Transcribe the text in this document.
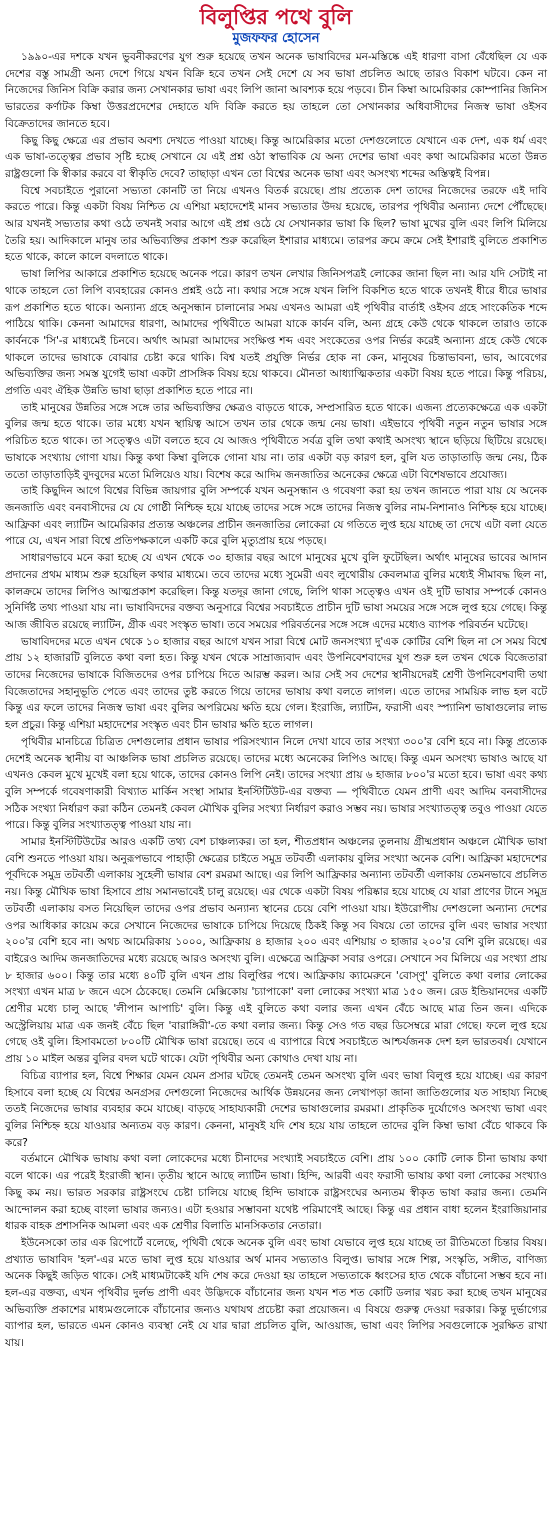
বিলুপ্তির পথে বুলি
মুজফফর হোসেন

১৯৯০-এর দশকে যখন ভুবনীকরণের যুগ শুরু হয়েছে তখন অনেক ভাষাবিদের মন-মস্তিষ্কে এই ধারণা বাসা বেঁধেছিল যে এক দেশের বস্তু সামগ্রী অন্য দেশে গিয়ে যখন বিক্রি হবে তখন সেই দেশে যে সব ভাষা প্রচলিত আছে তারও বিকাশ ঘটবে। কেন না নিজেদের জিনিস বিক্রি করার জন্য সেখানকার ভাষা এবং লিপি জানা আবশ্যক হয়ে পড়বে। চীন কিম্বা আমেরিকার কোম্পানির জিনিস ভারতের কর্ণাটক কিম্বা উত্তরপ্রদেশের দেহাতে যদি বিক্রি করতে হয় তাহলে তো সেখানকার অধিবাসীদের নিজস্ব ভাষা ওইসব বিক্রেতাদের জানতে হবে।

কিছু কিছু ক্ষেত্রে এর প্রভাব অবশ্য দেখতে পাওয়া যাচ্ছে। কিন্তু আমেরিকার মতো দেশগুলোতে যেখানে এক দেশ, এক ধর্ম এবং এক ভাষা-তত্ত্বের প্রভাব সৃষ্টি হচ্ছে সেখানে যে এই প্রশ্ন ওঠা স্বাভাবিক যে অন্য দেশের ভাষা এবং কথা আমেরিকার মতো উন্নত রাষ্ট্রগুলো কি স্বীকার করবে বা স্বীকৃতি দেবে? তাছাড়া এখন তো বিশ্বের অনেক ভাষা এবং অসংখ্য শব্দের অস্তিত্বই বিপন্ন।

বিশ্বে সবচাইতে পুরানো সভ্যতা কোনটি তা নিয়ে এখনও বিতর্ক রয়েছে। প্রায় প্রত্যেক দেশ তাদের নিজেদের তরফে এই দাবি করতে পারে। কিন্তু একটা বিষয় নিশ্চিত যে এশিয়া মহাদেশেই মানব সভ্যতার উদয় হয়েছে, তারপর পৃথিবীর অন্যান্য দেশে পৌঁছেছে। আর যখনই সভ্যতার কথা ওঠে তখনই সবার আগে এই প্রশ্ন ওঠে যে সেখানকার ভাষা কি ছিল? ভাষা মুখের বুলি এবং লিপি মিলিয়ে তৈরি হয়। আদিকালে মানুষ তার অভিব্যক্তির প্রকাশ শুরু করেছিল ইশারার মাধ্যমে। তারপর ক্রমে ক্রমে সেই ইশারাই বুলিতে প্রকাশিত হতে থাকে, কালে কালে বদলাতে থাকে।

ভাষা লিপির আকারে প্রকাশিত হয়েছে অনেক পরে। কারণ তখন লেখার জিনিসপত্রই লোকের জানা ছিল না। আর যদি সেটাই না থাকে তাহলে তো লিপি ব্যবহারের কোনও প্রশ্নই ওঠে না। কথার সঙ্গে সঙ্গে যখন লিপি বিকশিত হতে থাকে তখনই ধীরে ধীরে ভাষার রূপ প্রকাশিত হতে থাকে। অন্যান্য গ্রহে অনুসন্ধান চালানোর সময় এখনও আমরা এই পৃথিবীর বার্তাই ওইসব গ্রহে সাংকেতিক শব্দে পাঠিয়ে থাকি। কেননা আমাদের ধারণা, আমাদের পৃথিবীতে আমরা যাকে কার্বন বলি, অন্য গ্রহে কেউ থেকে থাকলে তারাও তাকে কার্বনকে 'সি'-র মাধ্যমেই চিনবে। অর্থাৎ আমরা আমাদের সংক্ষিপ্ত শব্দ এবং সংকেতের ওপর নির্ভর করেই অন্যান্য গ্রহে কেউ থেকে থাকলে তাদের ভাষাকে বোঝার চেষ্টা করে থাকি। বিশ্ব যতই প্রযুক্তি নির্ভর হোক না কেন, মানুষের চিন্তাভাবনা, ভাব, আবেগের অভিব্যক্তির জন্য সমস্ত যুগেই ভাষা একটা প্রাসঙ্গিক বিষয় হয়ে থাকবে। মৌনতা আধ্যাত্মিকতার একটা বিষয় হতে পারে। কিন্তু পরিচয়, প্রগতি এবং ঐহিক উন্নতি ভাষা ছাড়া প্রকাশিত হতে পারে না।

তাই মানুষের উন্নতির সঙ্গে সঙ্গে তার অভিব্যক্তির ক্ষেত্রও বাড়তে থাকে, সম্প্রসারিত হতে থাকে। এজন্য প্রত্যেকক্ষেত্রে এক একটা বুলির জন্ম হতে থাকে। তার মধ্যে যখন স্থায়িত্ব আসে তখন তার থেকে জন্ম নেয় ভাষা। এইভাবে পৃথিবী নতুন নতুন ভাষার সঙ্গে পরিচিত হতে থাকে। তা সত্ত্বেও এটা বলতে হবে যে আজও পৃথিবীতে সর্বত্র বুলি তথা কথাই অসংখ্য স্থানে ছড়িয়ে ছিটিয়ে রয়েছে। ভাষাকে সংখ্যায় গোণা যায়। কিন্তু কথা কিম্বা বুলিকে গোনা যায় না। তার একটা বড় কারণ হল, বুলি যত তাড়াতাড়ি জন্ম নেয়, ঠিক ততো তাড়াতাড়িই বুদবুদের মতো মিলিয়েও যায়। বিশেষ করে আদিম জনজাতির অনেকের ক্ষেত্রে এটা বিশেষভাবে প্রযোজ্য।

তাই কিছুদিন আগে বিশ্বের বিভিন্ন জায়গার বুলি সম্পর্কে যখন অনুসন্ধান ও গবেষণা করা হয় তখন জানতে পারা যায় যে অনেক জনজাতি এবং বনবাসীদের যে যে গোষ্ঠী নিশ্চিহ্ন হয়ে যাচ্ছে তাদের সঙ্গে সঙ্গে তাদের নিজস্ব বুলির নাম-নিশানাও নিশ্চিহ্ন হয়ে যাচ্ছে। আফ্রিকা এবং ল্যাটিন আমেরিকার প্রত্যন্ত অঞ্চলের প্রাচীন জনজাতির লোকেরা যে গতিতে লুপ্ত হয়ে যাচ্ছে তা দেখে এটা বলা যেতে পারে যে, এখন সারা বিশ্বে প্রতিপক্ষকালে একটি করে বুলি মৃত্যুপ্রায় হয়ে পড়ছে।

সাধারণভাবে মনে করা হচ্ছে যে এখন থেকে ৩০ হাজার বছর আগে মানুষের মুখে বুলি ফুটেছিল। অর্থাৎ মানুষের ভাবের আদান প্রদানের প্রথম মাধ্যম শুরু হয়েছিল কথার মাধ্যমে। তবে তাদের মধ্যে সুমেরী এবং লুথোরীয় কেবলমাত্র বুলির মধ্যেই সীমাবদ্ধ ছিল না, কালক্রমে তাদের লিপিও আত্মপ্রকাশ করেছিল। কিন্তু যতদূর জানা গেছে, লিপি থাকা সত্ত্বেও এখন ওই দুটি ভাষার সম্পর্কে কোনও সুনির্দিষ্ট তথ্য পাওয়া যায় না। ভাষাবিদদের বক্তব্য অনুসারে বিশ্বের সবচাইতে প্রাচীন দুটি ভাষা সময়ের সঙ্গে সঙ্গে লুপ্ত হয়ে গেছে। কিন্তু আজ জীবিত রয়েছে ল্যাটিন, গ্রীক এবং সংস্কৃত ভাষা। তবে সময়ের পরিবর্তনের সঙ্গে সঙ্গে এদের মধ্যেও ব্যাপক পরিবর্তন ঘটেছে।

ভাষাবিদদের মতে এখন থেকে ১০ হাজার বছর আগে যখন সারা বিশ্বে মোট জনসংখ্যা দু'এক কোটির বেশি ছিল না সে সময় বিশ্বে প্রায় ১২ হাজারটি বুলিতে কথা বলা হত। কিন্তু যখন থেকে সাম্রাজ্যবাদ এবং উপনিবেশবাদের যুগ শুরু হল তখন থেকে বিজেতারা তাদের নিজেদের ভাষাকে বিজিতদের ওপর চাপিয়ে দিতে আরম্ভ করল। আর সেই সব দেশের স্থানীয়দেরই শ্রেণী উপনিবেশবাদী তথা বিজেতাদের সহানুভূতি পেতে এবং তাদের তুষ্ট করতে গিয়ে তাদের ভাষায় কথা বলতে লাগল। এতে তাদের সাময়িক লাভ হল বটে কিন্তু এর ফলে তাদের নিজস্ব ভাষা এবং বুলির অপরিমেয় ক্ষতি হয়ে গেল। ইংরাজি, ল্যাটিন, ফরাসী এবং স্প্যানিশ ভাষাগুলোর লাভ হল প্রচুর। কিন্তু এশিয়া মহাদেশের সংস্কৃত এবং চীন ভাষার ক্ষতি হতে লাগল।

পৃথিবীর মানচিত্রে চিত্রিত দেশগুলোর প্রধান ভাষার পরিসংখ্যান নিলে দেখা যাবে তার সংখ্যা ৩০০'র বেশি হবে না। কিন্তু প্রত্যেক দেশেই অনেক স্থানীয় বা আঞ্চলিক ভাষা প্রচলিত রয়েছে। তাদের মধ্যে অনেকের লিপিও আছে। কিন্তু এমন অসংখ্য ভাষাও আছে যা এখনও কেবল মুখে মুখেই বলা হয়ে থাকে, তাদের কোনও লিপি নেই। তাদের সংখ্যা প্রায় ৬ হাজার ৮০০'র মতো হবে। ভাষা এবং কথ্য বুলি সম্পর্কে গবেষণাকারী বিখ্যাত মার্কিন সংস্থা সামার ইনস্টিটিউট-এর বক্তব্য — পৃথিবীতে যেমন প্রাণী এবং আদিম বনবাসীদের সঠিক সংখ্যা নির্ধারণ করা কঠিন তেমনই কেবল মৌখিক বুলির সংখ্যা নির্ধারণ করাও সম্ভব নয়। ভাষার সংখ্যাতত্ত্ব তবুও পাওয়া যেতে পারে। কিন্তু বুলির সংখ্যাতত্ত্ব পাওয়া যায় না।

সামার ইনস্টিটিউটের আরও একটি তথ্য বেশ চাঞ্চল্যকর। তা হল, শীতপ্রধান অঞ্চলের তুলনায় গ্রীষ্মপ্রধান অঞ্চলে মৌখিক ভাষা বেশি শুনতে পাওয়া যায়। অনুরূপভাবে পাহাড়ী ক্ষেত্রের চাইতে সমুদ্র তটবর্তী এলাকায় বুলির সংখ্যা অনেক বেশি। আফ্রিকা মহাদেশের পূর্বদিকে সমুদ্র তটবর্তী এলাকায় সুহেলী ভাষার বেশ রমরমা আছে। এর লিপি আফ্রিকার অন্যান্য তটবর্তী এলাকায় তেমনভাবে প্রচলিত নয়। কিন্তু মৌখিক ভাষা হিসাবে প্রায় সমানভাবেই চালু রয়েছে। এর থেকে একটা বিষয় পরিষ্কার হয়ে যাচ্ছে যে যারা প্রাণের টানে সমুদ্র তটবর্তী এলাকায় বসত নিয়েছিল তাদের ওপর প্রভাব অন্যান্য স্থানের চেয়ে বেশি পাওয়া যায়। ইউরোপীয় দেশগুলো অন্যান্য দেশের ওপর আধিকার কায়েম করে সেখানে নিজেদের ভাষাকে চাপিয়ে দিয়েছে ঠিকই কিন্তু সব বিষয়ে তো তাদের বুলি এবং ভাষার সংখ্যা ২০০'র বেশি হবে না। অথচ আমেরিকায় ১০০০, আফ্রিকায় ৪ হাজার ২০০ এবং এশিয়ায় ৩ হাজার ২০০'র বেশি বুলি রয়েছে। এর বাইরেও আদিম জনজাতিদের মধ্যে রয়েছে আরও অসংখ্য বুলি। এক্ষেত্রে আফ্রিকা সবার ওপরে। সেখানে সব মিলিয়ে এর সংখ্যা প্রায় ৮ হাজার ৬০০। কিন্তু তার মধ্যে ৪০টি বুলি এখন প্রায় বিলুপ্তির পথে। আফ্রিকায় ক্যামেরুনে 'বোস্ণু' বুলিতে কথা বলার লোকের সংখ্যা এখন মাত্র ৮ জনে এসে ঠেকেছে। তেমনি মেক্সিকোয় 'চ্যাপাকো' বলা লোকের সংখ্যা মাত্র ১৫০ জন। রেড ইন্ডিয়ানদের একটি শ্রেণীর মধ্যে চালু আছে 'লীপান আপাচি' বুলি। কিন্তু এই বুলিতে কথা বলার জন্য এখন বেঁচে আছে মাত্র তিন জন। এদিকে অস্ট্রেলিয়ায় মাত্র এক জনই বেঁচে ছিল 'বারাঙ্গিরী'-তে কথা বলার জন্য। কিন্তু সেও গত বছর ডিসেম্বরে মারা গেছে। ফলে লুপ্ত হয়ে গেছে ওই বুলি। হিসাবমতো ৮০০টি মৌখিক ভাষা রয়েছে। তবে এ ব্যাপারে বিশ্বে সবচাইতে আশ্চর্যজনক দেশ হল ভারতবর্ষ। যেখানে প্রায় ১০ মাইল অন্তর বুলির বদল ঘটে থাকে। যেটা পৃথিবীর অন্য কোথাও দেখা যায় না।

বিচিত্র ব্যাপার হল, বিশ্বে শিক্ষার যেমন যেমন প্রসার ঘটছে তেমনই তেমন অসংখ্য বুলি এবং ভাষা বিলুপ্ত হয়ে যাচ্ছে। এর কারণ হিসাবে বলা হচ্ছে যে বিশ্বের অনগ্রসর দেশগুলো নিজেদের আর্থিক উন্নয়নের জন্য লেখাপড়া জানা জাতিগুলোর যত সাহায্য নিচ্ছে ততই নিজেদের ভাষার ব্যবহার কমে যাচ্ছে। বাড়ছে সাহায্যকারী দেশের ভাষাগুলোর রমরমা। প্রাকৃতিক দুর্যোগেও অসংখ্য ভাষা এবং বুলির নিশ্চিহ্ন হয়ে যাওয়ার অন্যতম বড় কারণ। কেননা, মানুষই যদি শেষ হয়ে যায় তাহলে তাদের বুলি কিম্বা ভাষা বেঁচে থাকবে কি করে?

বর্তমানে মৌখিক ভাষায় কথা বলা লোকেদের মধ্যে চীনাদের সংখ্যাই সবচাইতে বেশি। প্রায় ১০০ কোটি লোক চীনা ভাষায় কথা বলে থাকে। এর পরেই ইংরাজী স্থান। তৃতীয় স্থানে আছে ল্যাটিন ভাষা। হিন্দি, আরবী এবং ফরাসী ভাষায় কথা বলা লোকের সংখ্যাও কিছু কম নয়। ভারত সরকার রাষ্ট্রসংঘে চেষ্টা চালিয়ে যাচ্ছে হিন্দি ভাষাকে রাষ্ট্রসংঘের অন্যতম স্বীকৃত ভাষা করার জন্য। তেমনি আন্দোলন করা হচ্ছে বাংলা ভাষার জন্যও। এটা হওয়ার সম্ভাবনা যথেষ্ট পরিমাণেই আছে। কিন্তু এর প্রধান বাধা হলেন ইংরাজিয়ানার ধারক বাহক প্রশাসনিক আমলা এবং এক শ্রেণীর বিলাতি মানসিকতার নেতারা।

ইউনেসকো তার এক রিপোর্টে বলেছে, পৃথিবী থেকে অনেক বুলি এবং ভাষা যেভাবে লুপ্ত হয়ে যাচ্ছে তা রীতিমতো চিন্তার বিষয়। প্রখ্যাত ভাষাবিদ 'হল'-এর মতে ভাষা লুপ্ত হয়ে যাওয়ার অর্থ মানব সভ্যতাও বিলুপ্ত। ভাষার সঙ্গে শিল্প, সংস্কৃতি, সঙ্গীত, বাণিজ্য অনেক কিছুই জড়িত থাকে। সেই মাধ্যমটাকেই যদি শেষ করে দেওয়া হয় তাহলে সভ্যতাকে ধ্বংসের হাত থেকে বাঁচানো সম্ভব হবে না। হল-এর বক্তব্য, এখন পৃথিবীর দুর্লভ প্রাণী এবং উদ্ভিদকে বাঁচানোর জন্য যখন শত শত কোটি ডলার খরচ করা হচ্ছে তখন মানুষের অভিব্যক্তি প্রকাশের মাধ্যমগুলোকে বাঁচানোর জন্যও যথাযথ প্রচেষ্টা করা প্রয়োজন। এ বিষয়ে গুরুত্ব দেওয়া দরকার। কিন্তু দুর্ভাগ্যের ব্যাপার হল, ভারতে এমন কোনও ব্যবস্থা নেই যে যার দ্বারা প্রচলিত বুলি, আওয়াজ, ভাষা এবং লিপির সবগুলোকে সুরক্ষিত রাখা যায়।
